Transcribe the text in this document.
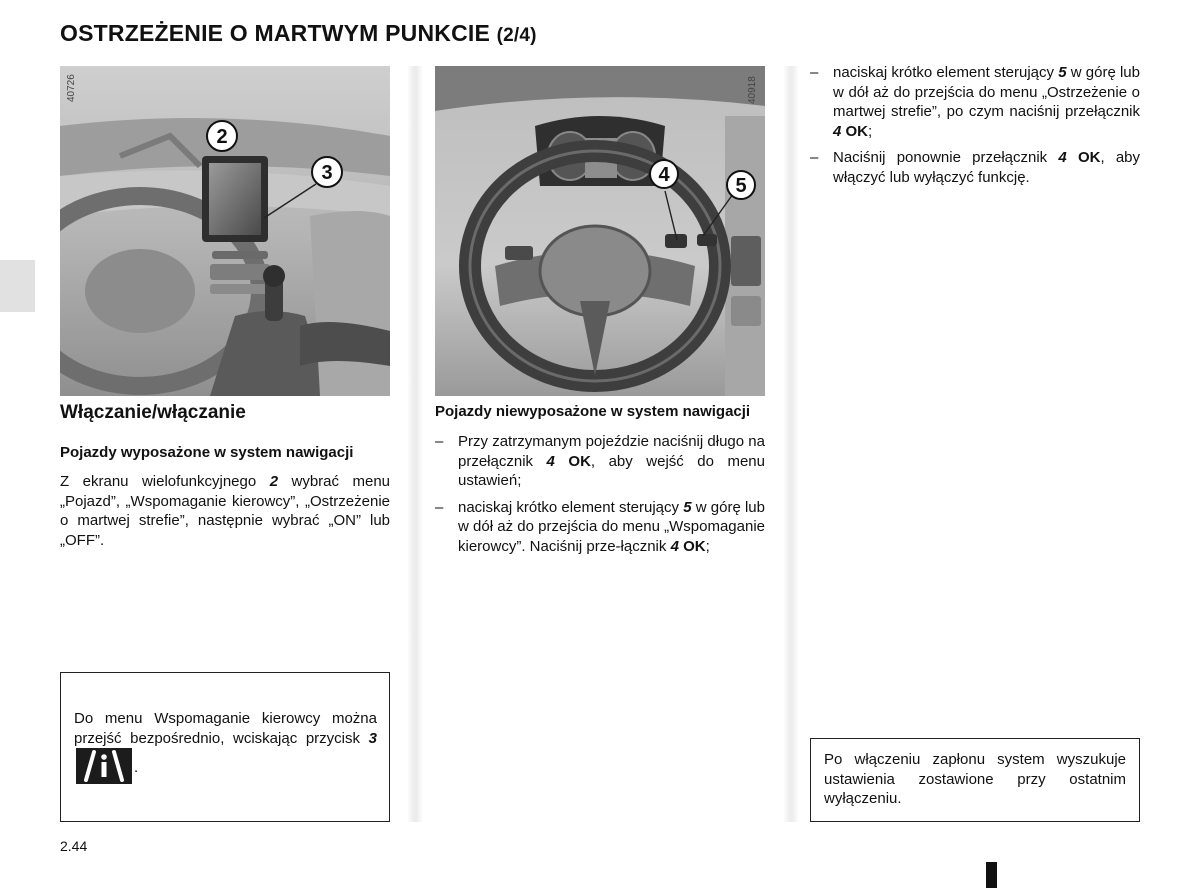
OSTRZEŻENIE O MARTWYM PUNKCIE (2/4)
2
3
40726
4	5
40918
Włączanie/włączanie
Pojazdy wyposażone w system nawigacji

Z ekranu wielofunkcyjnego 2 wybrać menu „Pojazd”, „Wspomaganie kierowcy”, „Ostrzeżenie o martwej strefie”, następnie wybrać „ON” lub „OFF”.

Do menu Wspomaganie kierowcy można przejść bezpośrednio, wciskając przycisk 3 .
Pojazdy niewyposażone w system nawigacji
– Przy zatrzymanym pojeździe naciśnij długo na przełącznik 4 OK, aby wejść do menu ustawień;
– naciskaj krótko element sterujący 5 w górę lub w dół aż do przejścia do menu „Wspomaganie kierowcy”. Naciśnij prze-łącznik 4 OK;
– naciskaj krótko element sterujący 5 w górę lub w dół aż do przejścia do menu „Ostrzeżenie o martwej strefie”, po czym naciśnij przełącznik 4 OK;
– Naciśnij ponownie przełącznik 4 OK, aby włączyć lub wyłączyć funkcję.
Po włączeniu zapłonu system wyszukuje ustawienia zostawione przy ostatnim wyłączeniu.
2.44
